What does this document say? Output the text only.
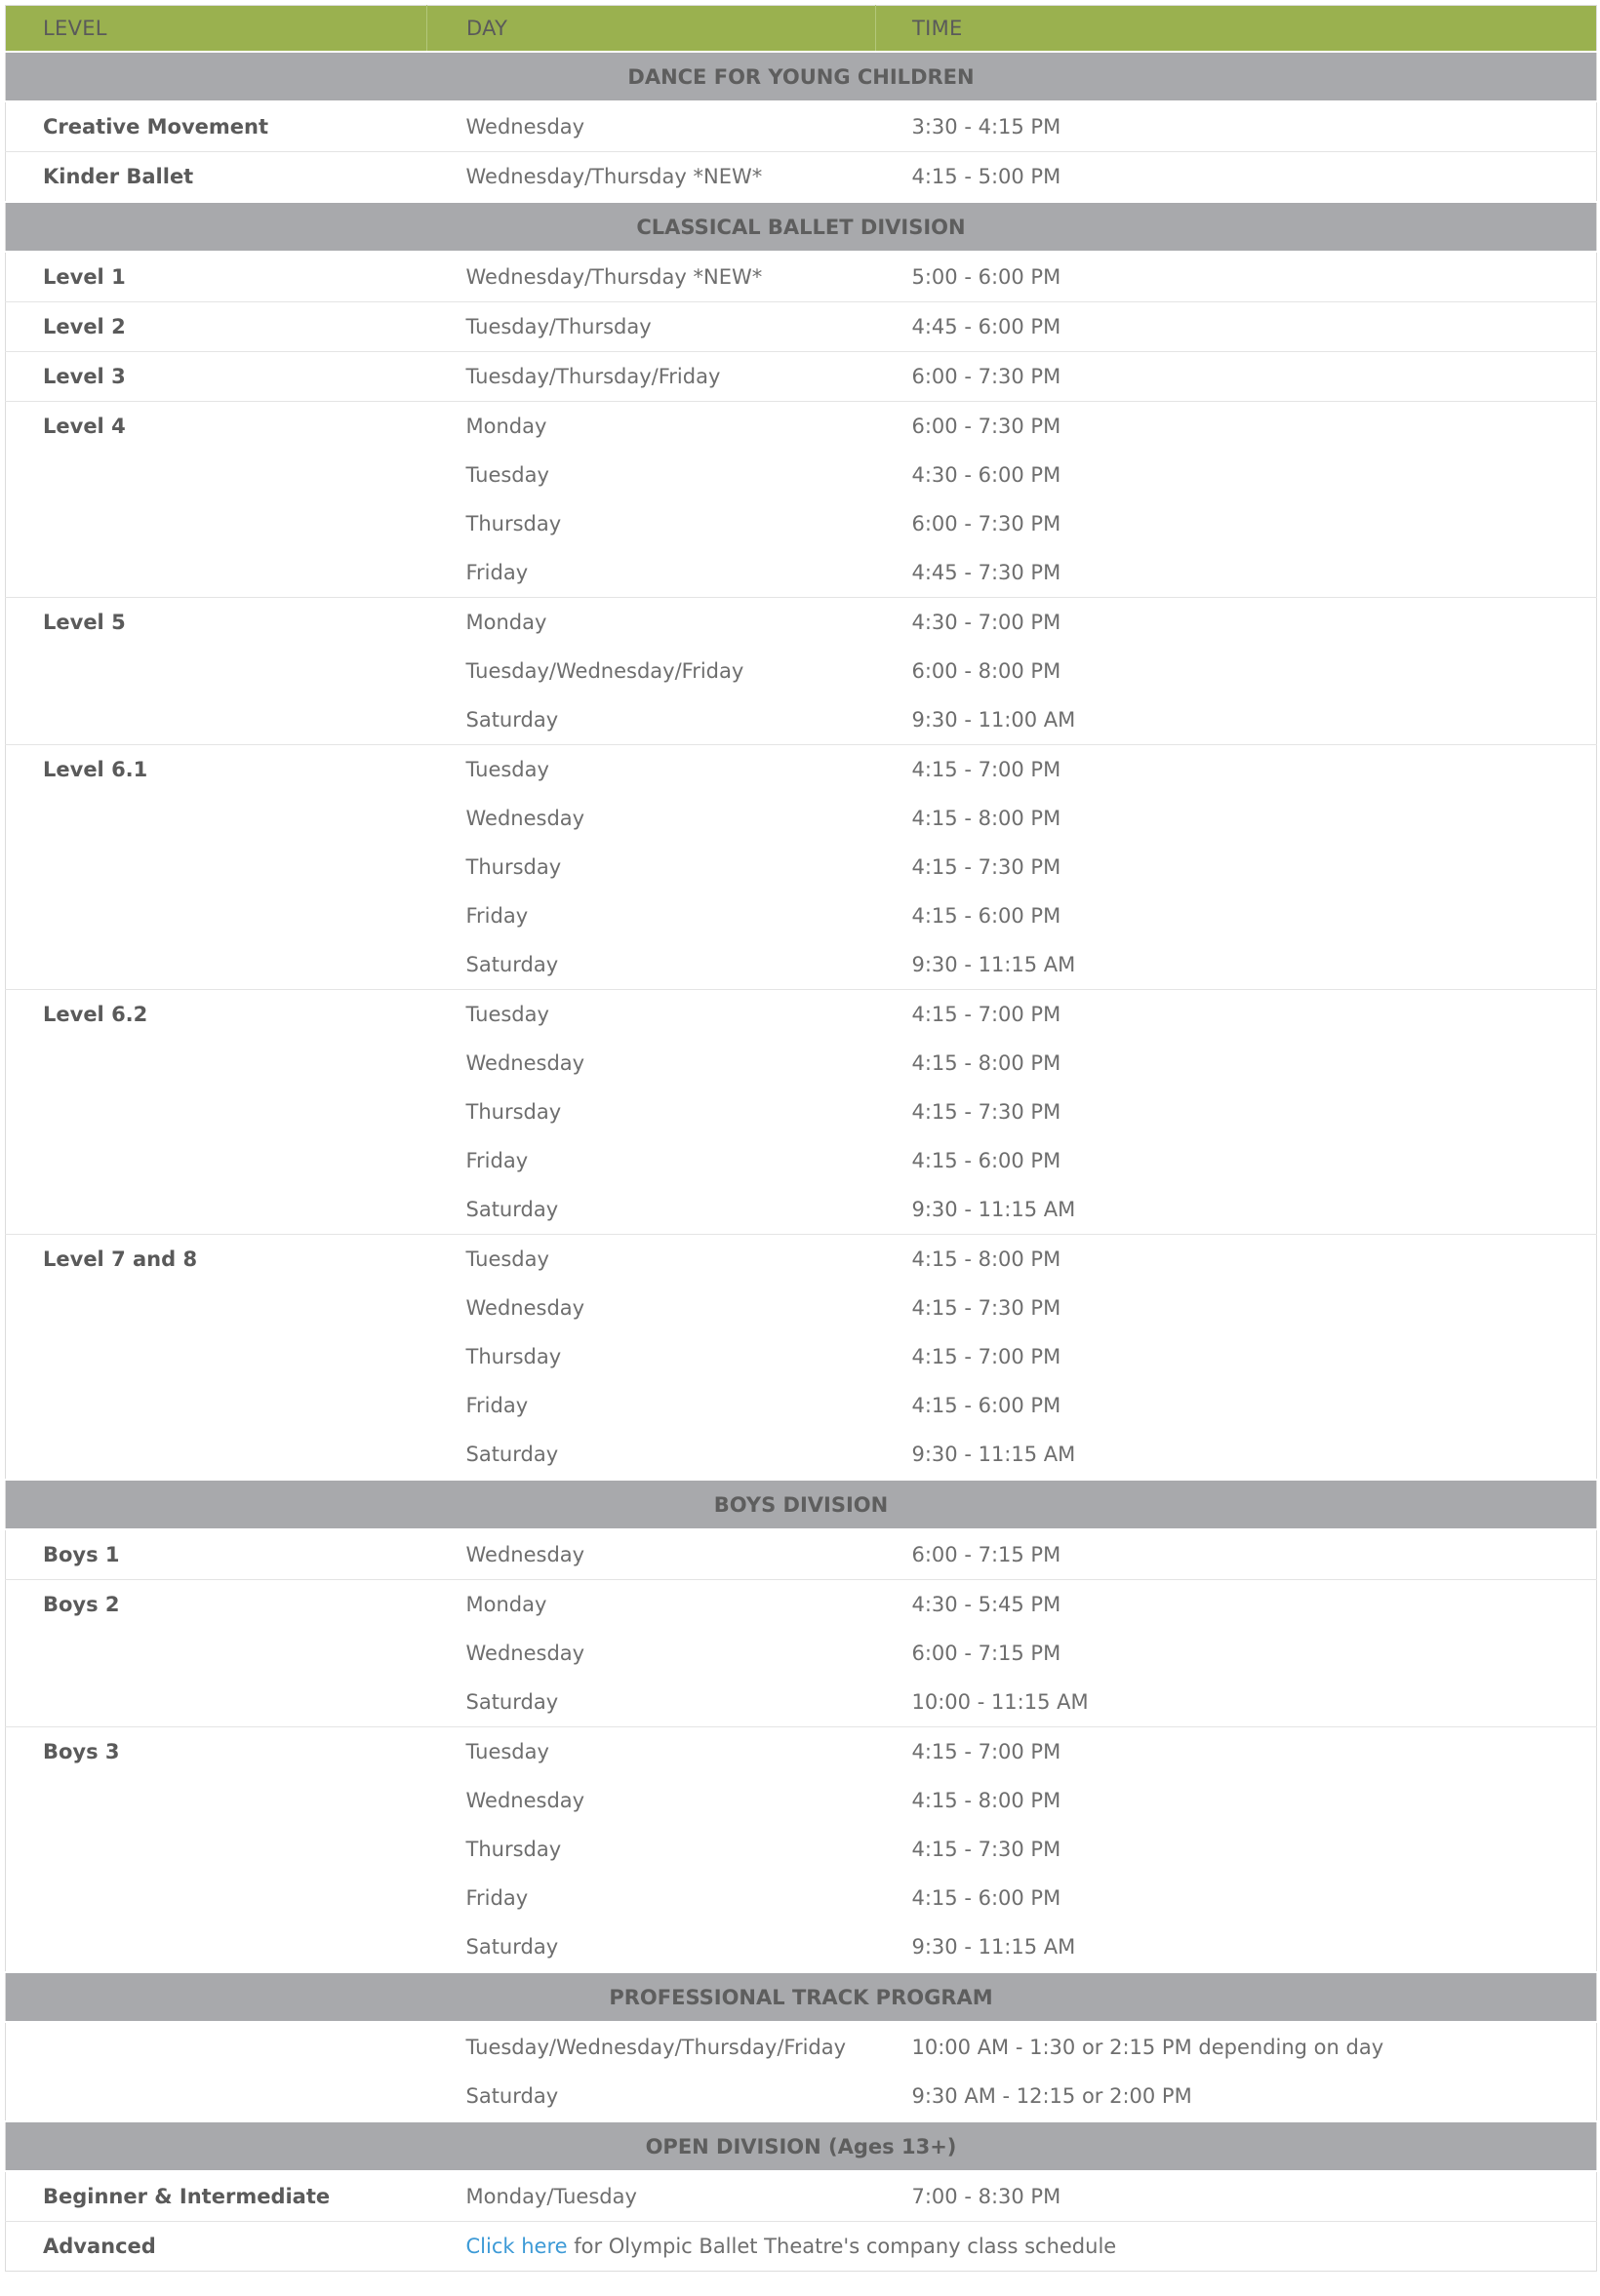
LEVEL	DAY	TIME
DANCE FOR YOUNG CHILDREN		
Creative Movement	Wednesday	3:30 - 4:15 PM
Kinder Ballet	Wednesday/Thursday *NEW*	4:15 - 5:00 PM
CLASSICAL BALLET DIVISION		
Level 1	Wednesday/Thursday *NEW*	5:00 - 6:00 PM
Level 2	Tuesday/Thursday	4:45 - 6:00 PM
Level 3	Tuesday/Thursday/Friday	6:00 - 7:30 PM
Level 4	Monday	6:00 - 7:30 PM
	Tuesday	4:30 - 6:00 PM
	Thursday	6:00 - 7:30 PM
	Friday	4:45 - 7:30 PM
Level 5	Monday	4:30 - 7:00 PM
	Tuesday/Wednesday/Friday	6:00 - 8:00 PM
	Saturday	9:30 - 11:00 AM
Level 6.1	Tuesday	4:15 - 7:00 PM
	Wednesday	4:15 - 8:00 PM
	Thursday	4:15 - 7:30 PM
	Friday	4:15 - 6:00 PM
	Saturday	9:30 - 11:15 AM
Level 6.2	Tuesday	4:15 - 7:00 PM
	Wednesday	4:15 - 8:00 PM
	Thursday	4:15 - 7:30 PM
	Friday	4:15 - 6:00 PM
	Saturday	9:30 - 11:15 AM
Level 7 and 8	Tuesday	4:15 - 8:00 PM
	Wednesday	4:15 - 7:30 PM
	Thursday	4:15 - 7:00 PM
	Friday	4:15 - 6:00 PM
	Saturday	9:30 - 11:15 AM
BOYS DIVISION		
Boys 1	Wednesday	6:00 - 7:15 PM
Boys 2	Monday	4:30 - 5:45 PM
	Wednesday	6:00 - 7:15 PM
	Saturday	10:00 - 11:15 AM
Boys 3	Tuesday	4:15 - 7:00 PM
	Wednesday	4:15 - 8:00 PM
	Thursday	4:15 - 7:30 PM
	Friday	4:15 - 6:00 PM
	Saturday	9:30 - 11:15 AM
PROFESSIONAL TRACK PROGRAM		
	Tuesday/Wednesday/Thursday/Friday	10:00 AM - 1:30 or 2:15 PM depending on day
	Saturday	9:30 AM - 12:15 or 2:00 PM
OPEN DIVISION (Ages 13+)		
Beginner & Intermediate	Monday/Tuesday	7:00 - 8:30 PM
Advanced	Click here for Olympic Ballet Theatre's company class schedule	
